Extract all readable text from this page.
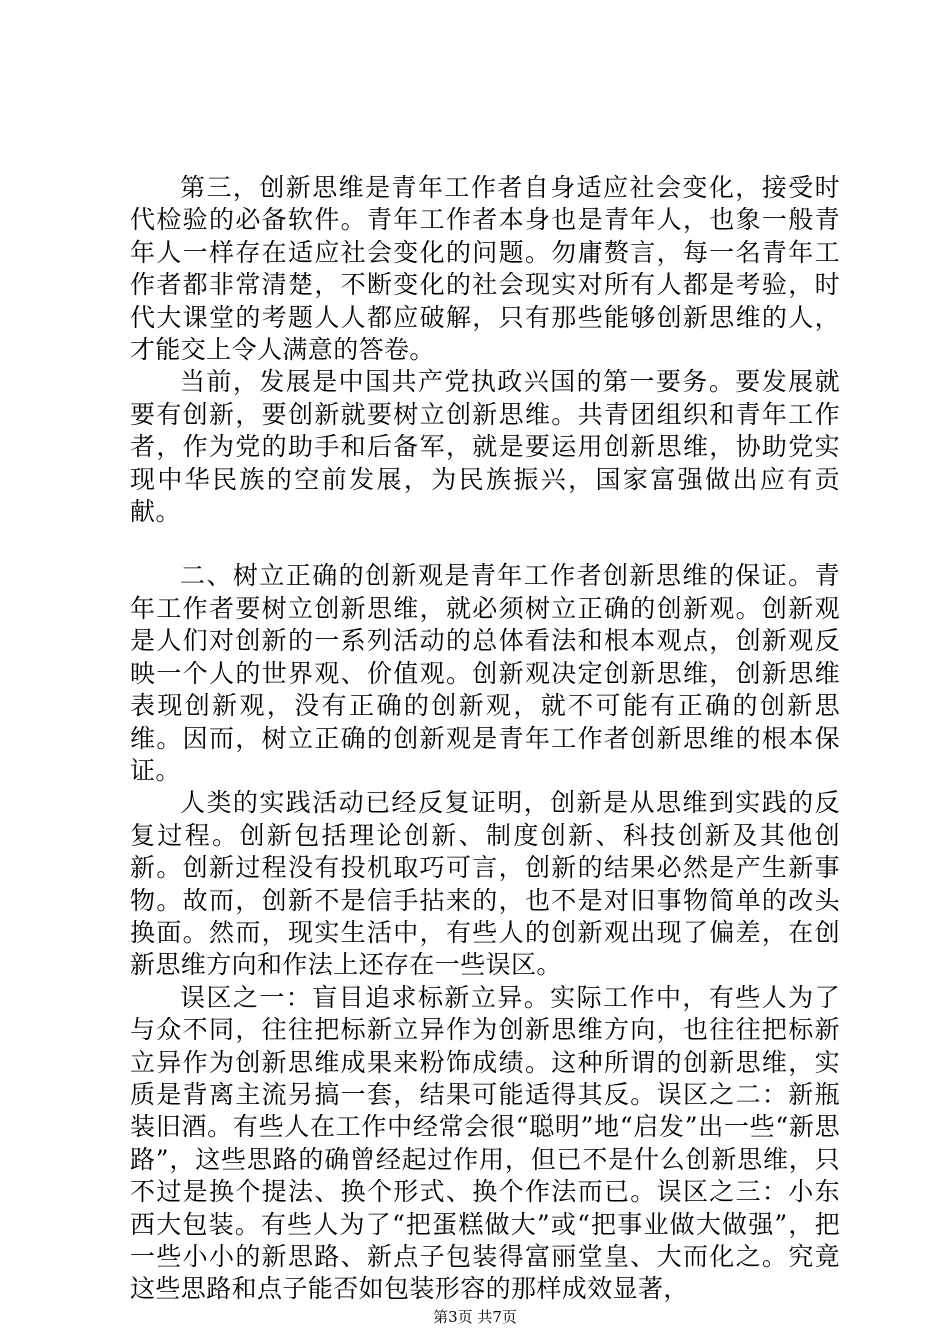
第三，创新思维是青年工作者自身适应社会变化，接受时代检验的必备软件。青年工作者本身也是青年人，也象一般青年人一样存在适应社会变化的问题。勿庸赘言，每一名青年工作者都非常清楚，不断变化的社会现实对所有人都是考验，时代大课堂的考题人人都应破解，只有那些能够创新思维的人，才能交上令人满意的答卷。

当前，发展是中国共产党执政兴国的第一要务。要发展就要有创新，要创新就要树立创新思维。共青团组织和青年工作者，作为党的助手和后备军，就是要运用创新思维，协助党实现中华民族的空前发展，为民族振兴，国家富强做出应有贡献。

二、树立正确的创新观是青年工作者创新思维的保证。青年工作者要树立创新思维，就必须树立正确的创新观。创新观是人们对创新的一系列活动的总体看法和根本观点，创新观反映一个人的世界观、价值观。创新观决定创新思维，创新思维表现创新观，没有正确的创新观，就不可能有正确的创新思维。因而，树立正确的创新观是青年工作者创新思维的根本保证。

人类的实践活动已经反复证明，创新是从思维到实践的反复过程。创新包括理论创新、制度创新、科技创新及其他创新。创新过程没有投机取巧可言，创新的结果必然是产生新事物。故而，创新不是信手拈来的，也不是对旧事物简单的改头换面。然而，现实生活中，有些人的创新观出现了偏差，在创新思维方向和作法上还存在一些误区。

误区之一：盲目追求标新立异。实际工作中，有些人为了与众不同，往往把标新立异作为创新思维方向，也往往把标新立异作为创新思维成果来粉饰成绩。这种所谓的创新思维，实质是背离主流另搞一套，结果可能适得其反。误区之二：新瓶装旧酒。有些人在工作中经常会很“聪明”地“启发”出一些“新思路”，这些思路的确曾经起过作用，但已不是什么创新思维，只不过是换个提法、换个形式、换个作法而已。误区之三：小东西大包装。有些人为了“把蛋糕做大”或“把事业做大做强”，把一些小小的新思路、新点子包装得富丽堂皇、大而化之。究竟这些思路和点子能否如包装形容的那样成效显著，

第3页 共7页
